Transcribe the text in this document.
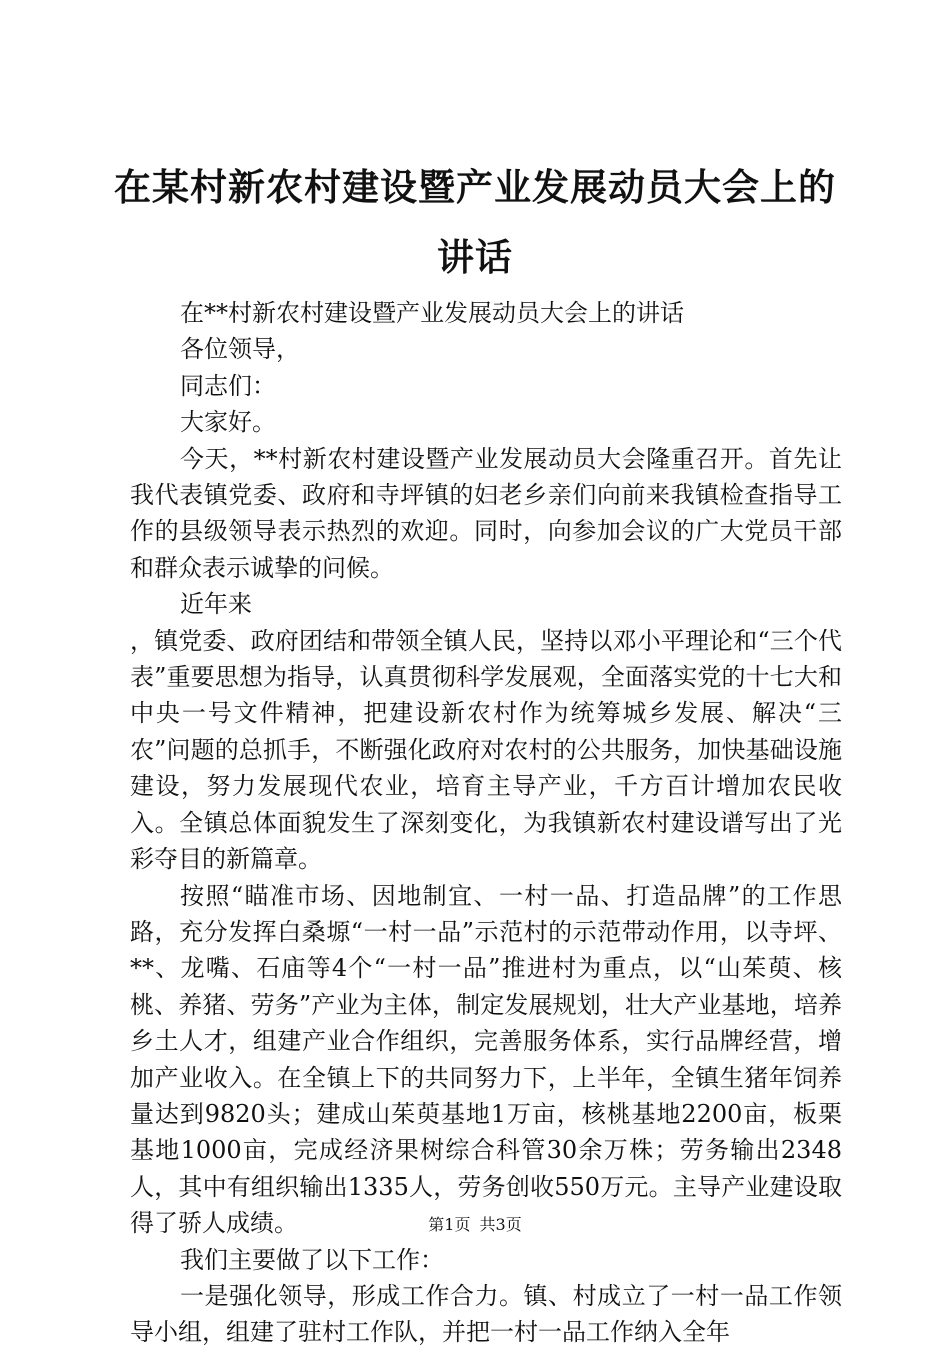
在某村新农村建设暨产业发展动员大会上的讲话

在**村新农村建设暨产业发展动员大会上的讲话

各位领导，

同志们：

大家好。

今天，**村新农村建设暨产业发展动员大会隆重召开。首先让我代表镇党委、政府和寺坪镇的妇老乡亲们向前来我镇检查指导工作的县级领导表示热烈的欢迎。同时，向参加会议的广大党员干部和群众表示诚挚的问候。

近年来

，镇党委、政府团结和带领全镇人民，坚持以邓小平理论和“三个代表”重要思想为指导，认真贯彻科学发展观，全面落实党的十七大和中央一号文件精神，把建设新农村作为统筹城乡发展、解决“三农”问题的总抓手，不断强化政府对农村的公共服务，加快基础设施建设，努力发展现代农业，培育主导产业，千方百计增加农民收入。全镇总体面貌发生了深刻变化，为我镇新农村建设谱写出了光彩夺目的新篇章。

按照“瞄准市场、因地制宜、一村一品、打造品牌”的工作思路，充分发挥白桑塬“一村一品”示范村的示范带动作用，以寺坪、**、龙嘴、石庙等4个“一村一品”推进村为重点，以“山茱萸、核桃、养猪、劳务”产业为主体，制定发展规划，壮大产业基地，培养乡土人才，组建产业合作组织，完善服务体系，实行品牌经营，增加产业收入。在全镇上下的共同努力下，上半年，全镇生猪年饲养量达到9820头；建成山茱萸基地1万亩，核桃基地2200亩，板栗基地1000亩，完成经济果树综合科管30余万株；劳务输出2348人，其中有组织输出1335人，劳务创收550万元。主导产业建设取得了骄人成绩。

我们主要做了以下工作：

一是强化领导，形成工作合力。镇、村成立了一村一品工作领导小组，组建了驻村工作队，并把一村一品工作纳入全年

第1页 共3页
